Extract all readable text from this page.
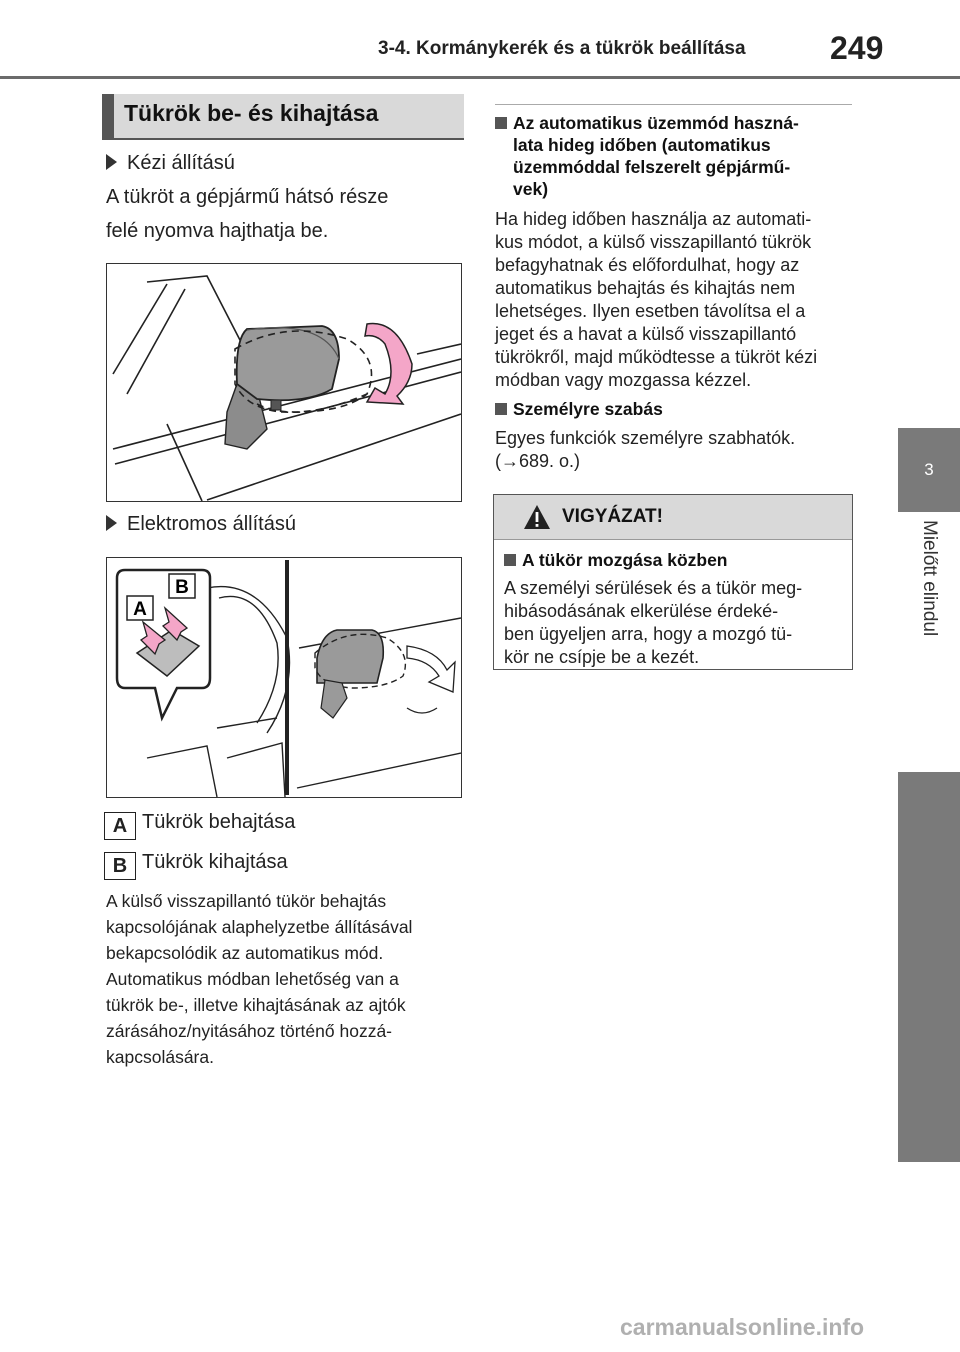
3-4. Kormánykerék és a tükrök beállítása	249
3
Mielőtt elindul
Tükrök be- és kihajtása
Kézi állítású
A tükröt a gépjármű hátsó része
felé nyomva hajthatja be.
Elektromos állítású
A
B
A Tükrök behajtása
B Tükrök kihajtása
A külső visszapillantó tükör behajtás
kapcsolójának alaphelyzetbe állításával
bekapcsolódik az automatikus mód.
Automatikus módban lehetőség van a
tükrök be-, illetve kihajtásának az ajtók
zárásához/nyitásához történő hozzá-
kapcsolására.
Az automatikus üzemmód haszná-
lata hideg időben (automatikus
üzemmóddal felszerelt gépjármű-
vek)
Ha hideg időben használja az automati-
kus módot, a külső visszapillantó tükrök
befagyhatnak és előfordulhat, hogy az
automatikus behajtás és kihajtás nem
lehetséges. Ilyen esetben távolítsa el a
jeget és a havat a külső visszapillantó
tükrökről, majd működtesse a tükröt kézi
módban vagy mozgassa kézzel.
Személyre szabás
Egyes funkciók személyre szabhatók.
(→689. o.)
VIGYÁZAT!
A tükör mozgása közben
A személyi sérülések és a tükör meg-
hibásodásának elkerülése érdeké-
ben ügyeljen arra, hogy a mozgó tü-
kör ne csípje be a kezét.
carmanualsonline.info
